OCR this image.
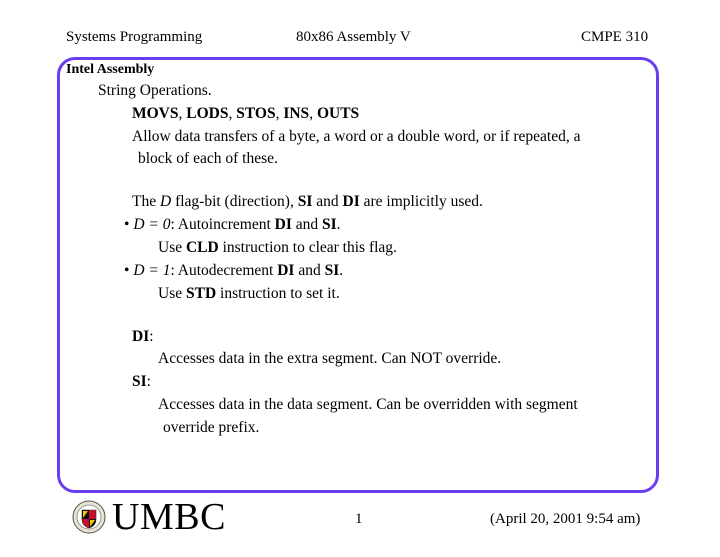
Systems Programming	80x86 Assembly V	CMPE 310
Intel Assembly
String Operations.
MOVS, LODS, STOS, INS, OUTS
Allow data transfers of a byte, a word or a double word, or if repeated, a
block of each of these.
The D flag-bit (direction), SI and DI are implicitly used.
• D = 0: Autoincrement DI and SI.
Use CLD instruction to clear this flag.
• D = 1: Autodecrement DI and SI.
Use STD instruction to set it.
DI:
Accesses data in the extra segment. Can NOT override.
SI:
Accesses data in the data segment. Can be overridden with segment
override prefix.
UMBC	1	(April 20, 2001 9:54 am)
